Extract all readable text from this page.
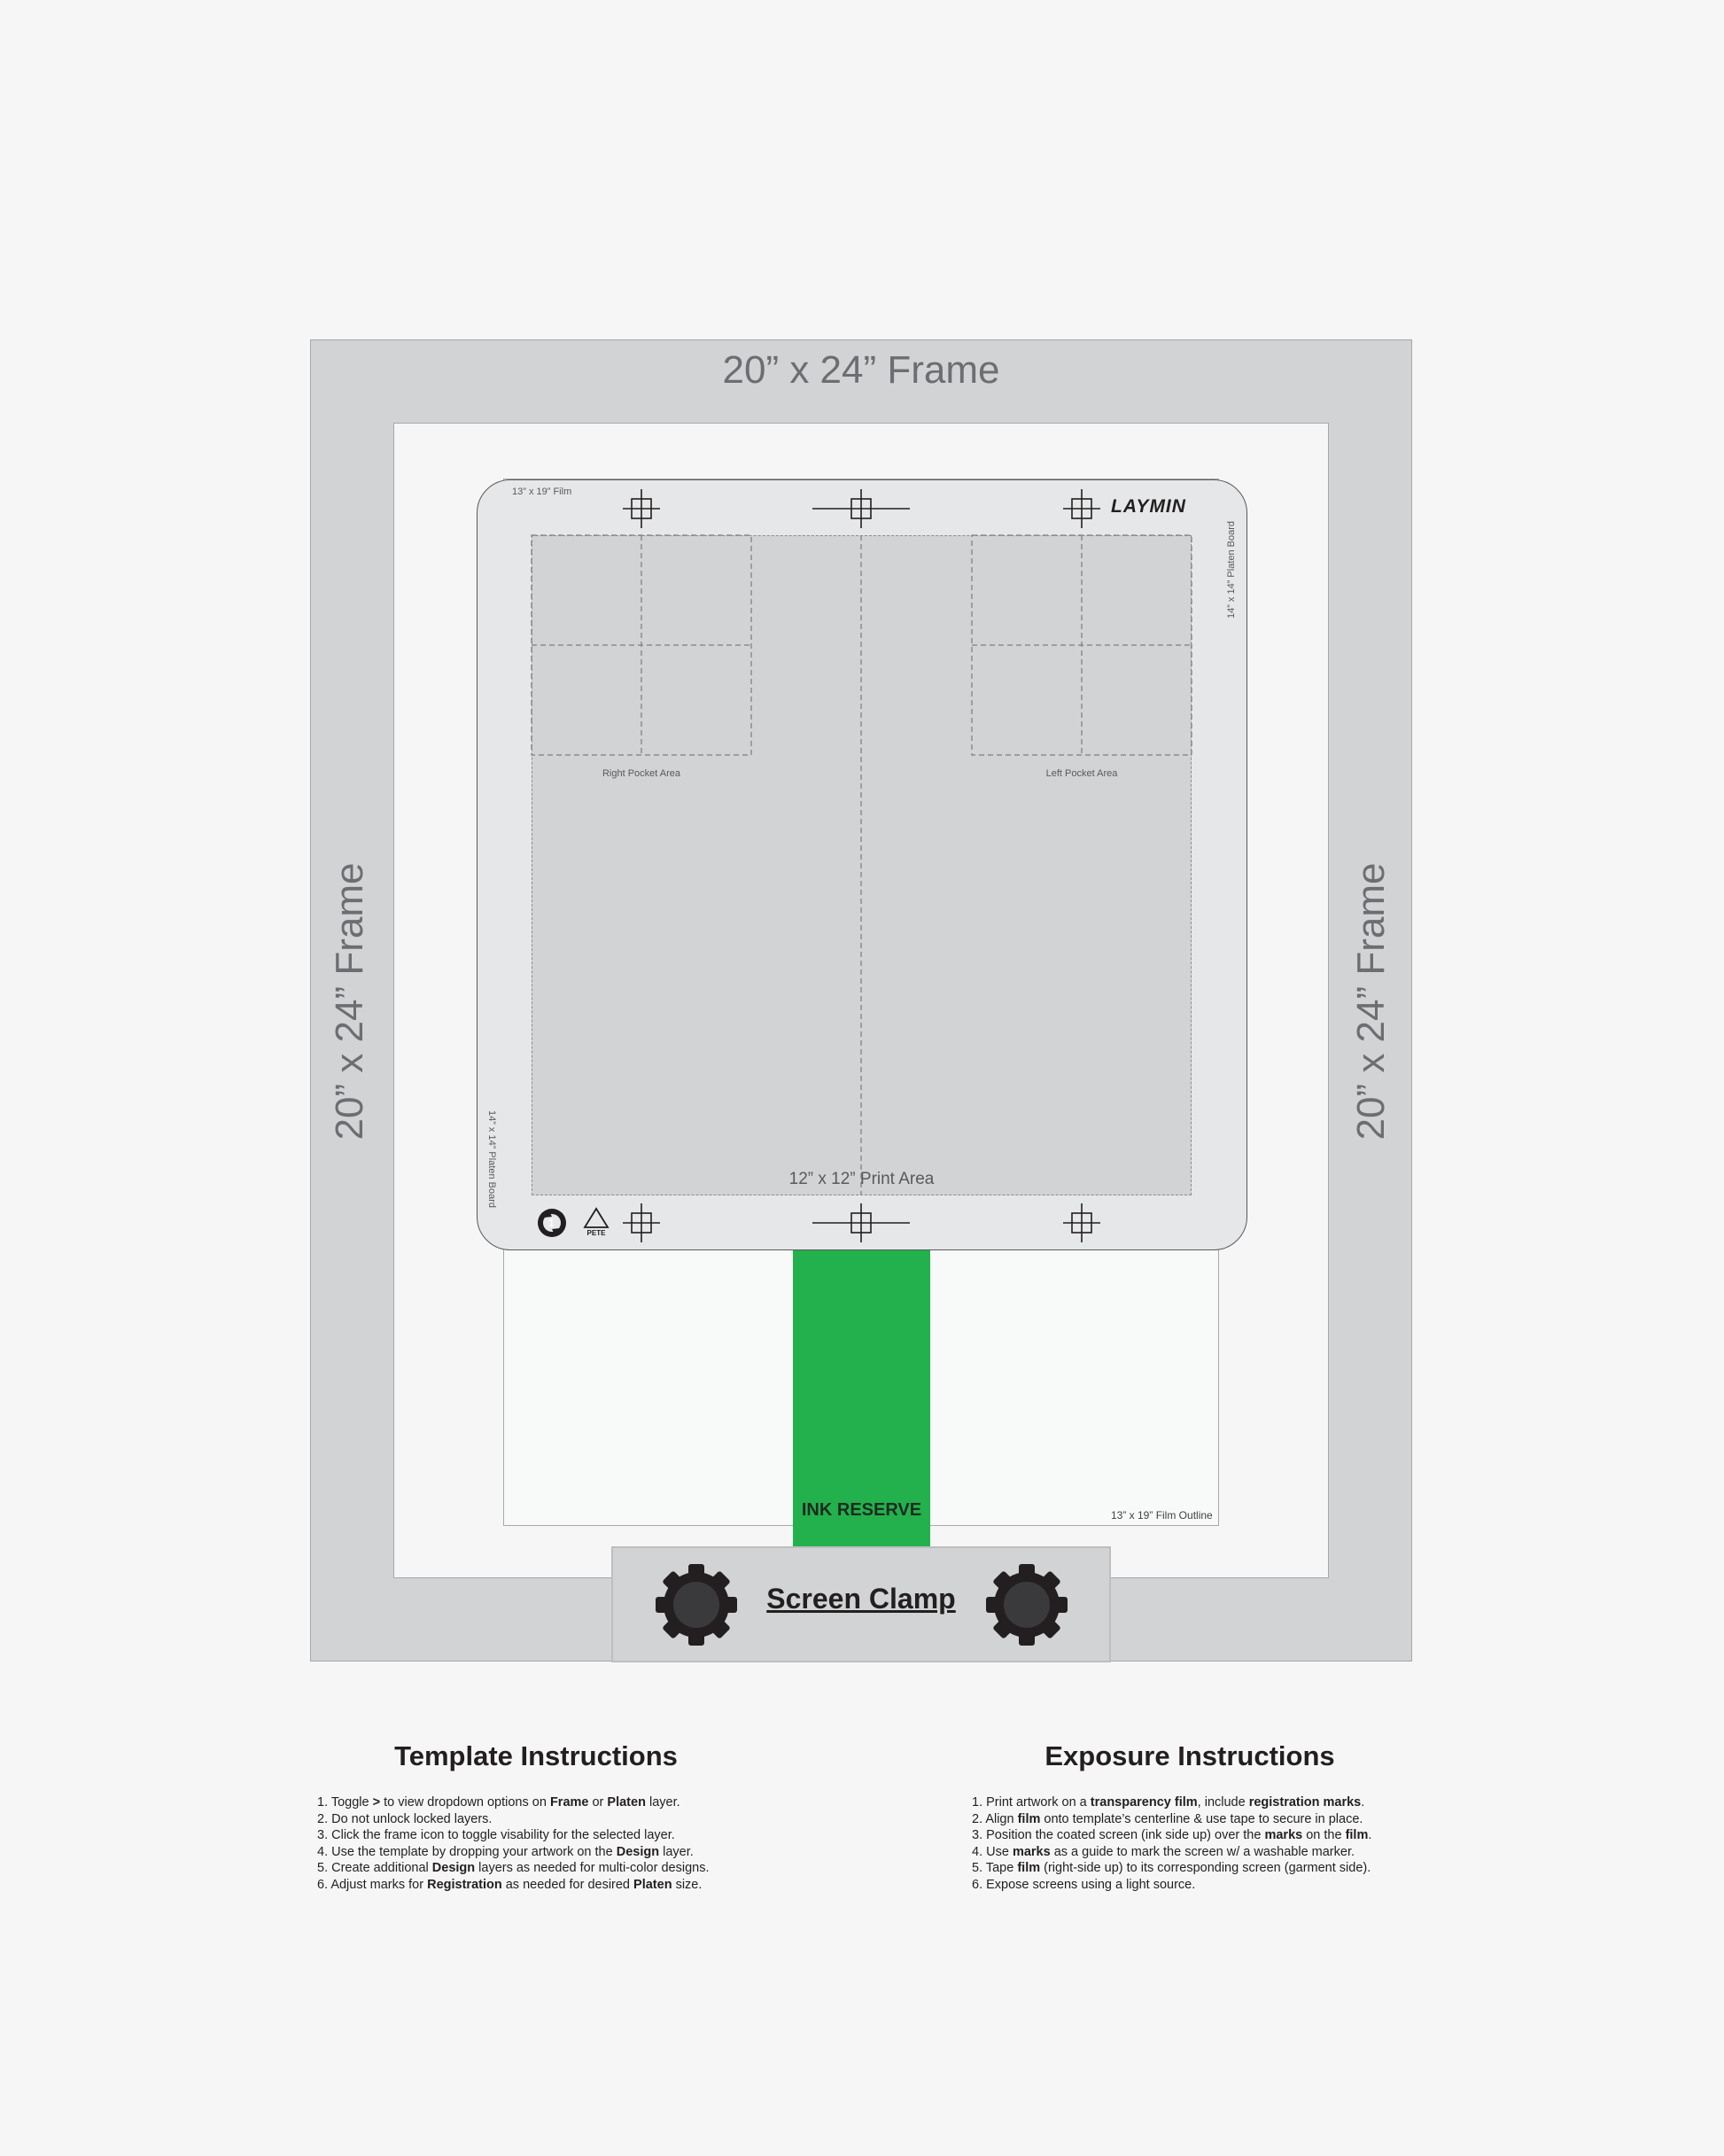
20” x 24” Frame
20” x 24” Frame	20” x 24” Frame
13” x 19” Film Outline
INK RESERVE
13” x 19” Film
14” x 14” Platen Board
14” x 14” Platen Board
1
PETE
Right Pocket Area	Left Pocket Area
12” x 12” Print Area
LAYMIN
Screen Clamp
Template Instructions
1. Toggle > to view dropdown options on Frame or Platen layer.
2. Do not unlock locked layers.
3. Click the frame icon to toggle visability for the selected layer.
4. Use the template by dropping your artwork on the Design layer.
5. Create additional Design layers as needed for multi-color designs.
6. Adjust marks for Registration as needed for desired Platen size.
Exposure Instructions
1. Print artwork on a transparency film, include registration marks.
2. Align film onto template’s centerline & use tape to secure in place.
3. Position the coated screen (ink side up) over the marks on the film.
4. Use marks as a guide to mark the screen w/ a washable marker.
5. Tape film (right-side up) to its corresponding screen (garment side).
6. Expose screens using a light source.
